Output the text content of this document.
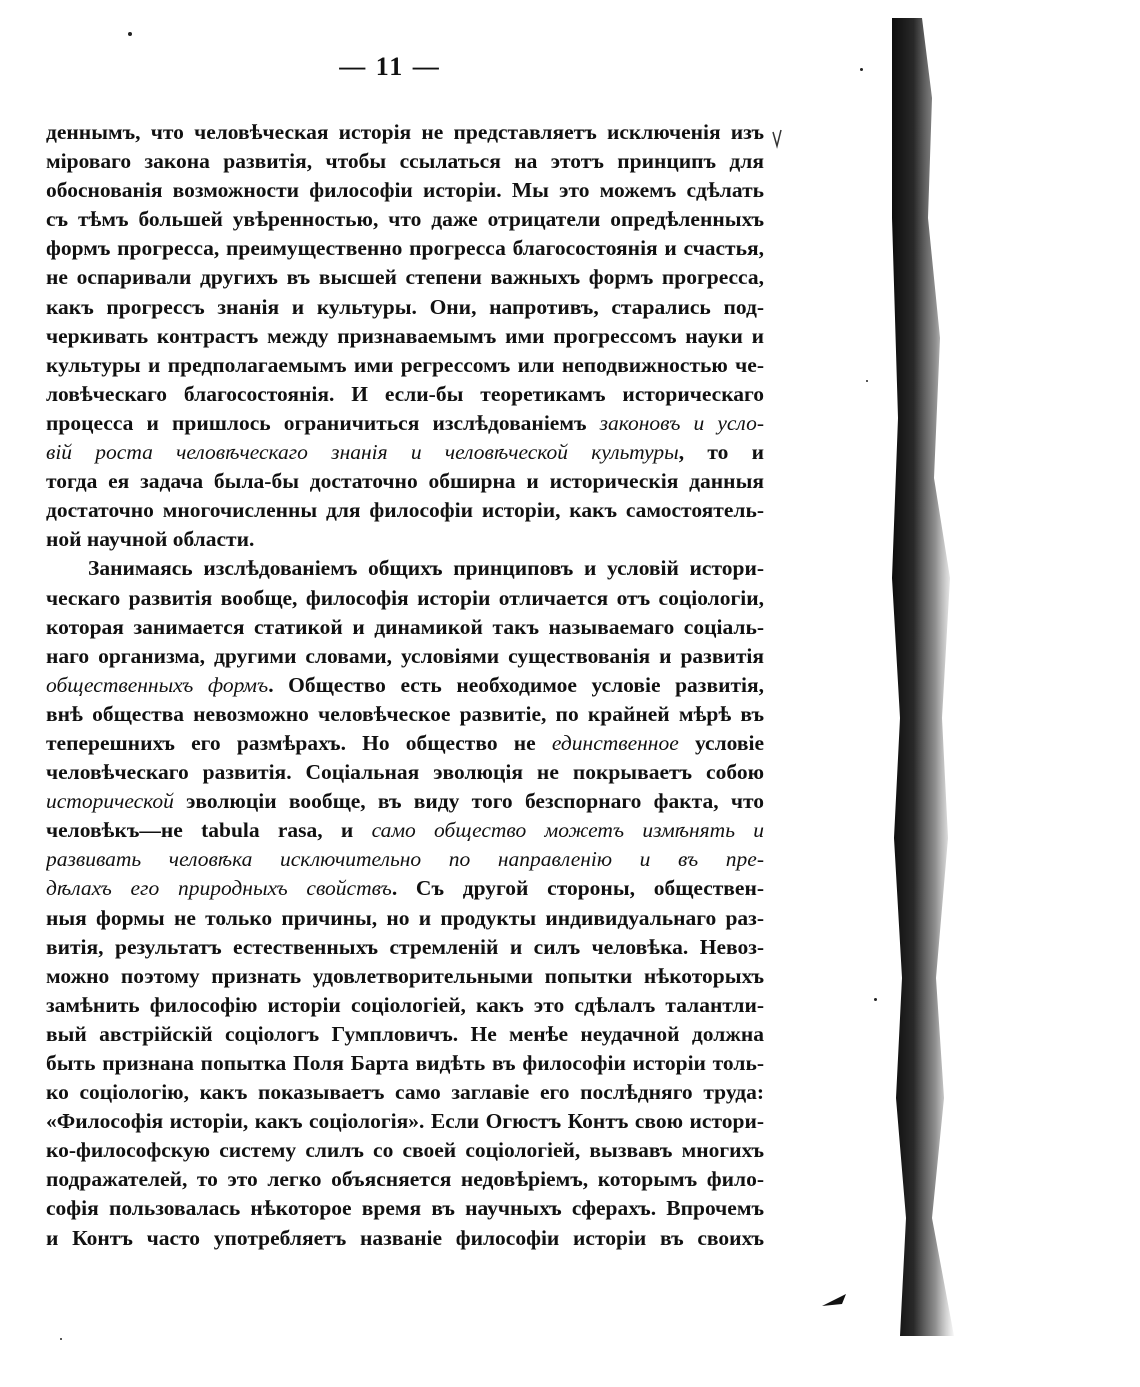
— 11 —
деннымъ, что человѣческая исторія не представляетъ исключенія изъ
міроваго закона развитія, чтобы ссылаться на этотъ принципъ для
обоснованія возможности философіи исторіи. Мы это можемъ сдѣлать
съ тѣмъ большей увѣренностью, что даже отрицатели опредѣленныхъ
формъ прогресса, преимущественно прогресса благосостоянія и счастья,
не оспаривали другихъ въ высшей степени важныхъ формъ прогресса,
какъ прогрессъ знанія и культуры. Они, напротивъ, старались под-
черкивать контрастъ между признаваемымъ ими прогрессомъ науки и
культуры и предполагаемымъ ими регрессомъ или неподвижностью че-
ловѣческаго благосостоянія. И если-бы теоретикамъ историческаго
процесса и пришлось ограничиться изслѣдованіемъ законовъ и усло-
вій роста человѣческаго знанія и человѣческой культуры, то и
тогда ея задача была-бы достаточно обширна и историческія данныя
достаточно многочисленны для философіи исторіи, какъ самостоятель-
ной научной области.
Занимаясь изслѣдованіемъ общихъ принциповъ и условій истори-
ческаго развитія вообще, философія исторіи отличается отъ соціологіи,
которая занимается статикой и динамикой такъ называемаго соціаль-
наго организма, другими словами, условіями существованія и развитія
общественныхъ формъ. Общество есть необходимое условіе развитія,
внѣ общества невозможно человѣческое развитіе, по крайней мѣрѣ въ
теперешнихъ его размѣрахъ. Но общество не единственное условіе
человѣческаго развитія. Соціальная эволюція не покрываетъ собою
исторической эволюціи вообще, въ виду того безспорнаго факта, что
человѣкъ—не tabula rasa, и само общество можетъ измѣнять и
развивать человѣка исключительно по направленію и въ пре-
дѣлахъ его природныхъ свойствъ. Съ другой стороны, обществен-
ныя формы не только причины, но и продукты индивидуальнаго раз-
витія, результатъ естественныхъ стремленій и силъ человѣка. Невоз-
можно поэтому признать удовлетворительными попытки нѣкоторыхъ
замѣнить философію исторіи соціологіей, какъ это сдѣлалъ талантли-
вый австрійскій соціологъ Гумпловичъ. Не менѣе неудачной должна
быть признана попытка Поля Барта видѣть въ философіи исторіи толь-
ко соціологію, какъ показываетъ само заглавіе его послѣдняго труда:
«Философія исторіи, какъ соціологія». Если Огюстъ Контъ свою истори-
ко-философскую систему слилъ со своей соціологіей, вызвавъ многихъ
подражателей, то это легко объясняется недовѣріемъ, которымъ фило-
софія пользовалась нѣкоторое время въ научныхъ сферахъ. Впрочемъ
и Контъ часто употребляетъ названіе философіи исторіи въ своихъ
